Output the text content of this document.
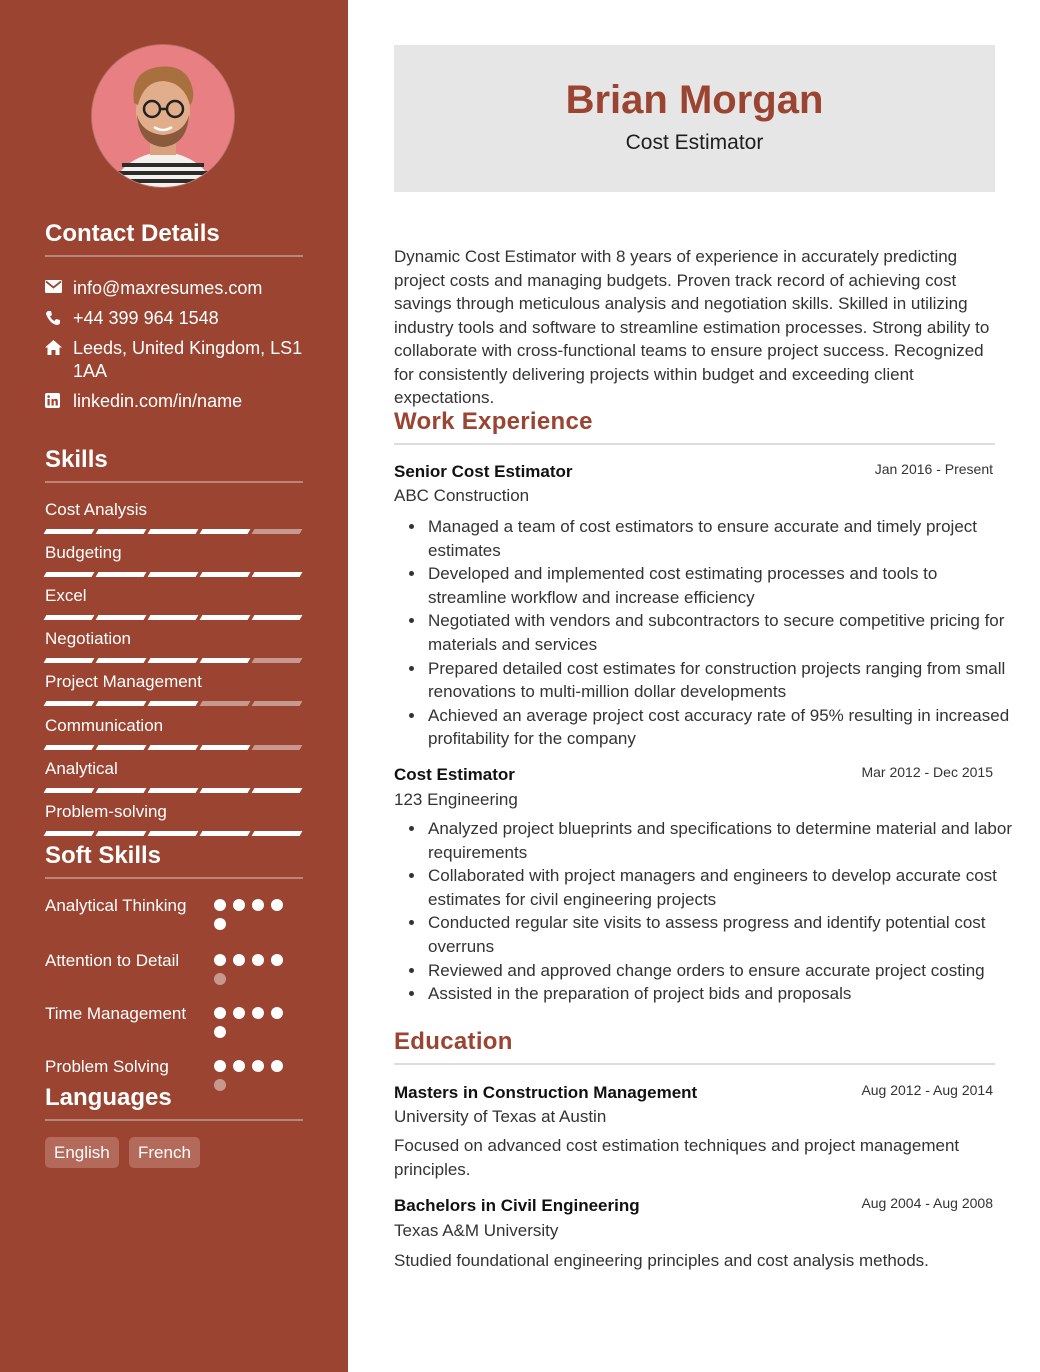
Contact Details
info@maxresumes.com
+44 399 964 1548
Leeds, United Kingdom, LS1 1AA
linkedin.com/in/name
Skills
Cost Analysis
Budgeting
Excel
Negotiation
Project Management
Communication
Analytical
Problem-solving
Soft Skills
Analytical Thinking
Attention to Detail
Time Management
Problem Solving
Languages
English	French
Brian Morgan
Cost Estimator
Dynamic Cost Estimator with 8 years of experience in accurately predicting project costs and managing budgets. Proven track record of achieving cost savings through meticulous analysis and negotiation skills. Skilled in utilizing industry tools and software to streamline estimation processes. Strong ability to collaborate with cross-functional teams to ensure project success. Recognized for consistently delivering projects within budget and exceeding client expectations.
Work Experience
Senior Cost Estimator	Jan 2016 - Present
ABC Construction
• Managed a team of cost estimators to ensure accurate and timely project estimates
• Developed and implemented cost estimating processes and tools to streamline workflow and increase efficiency
• Negotiated with vendors and subcontractors to secure competitive pricing for materials and services
• Prepared detailed cost estimates for construction projects ranging from small renovations to multi-million dollar developments
• Achieved an average project cost accuracy rate of 95% resulting in increased profitability for the company
Cost Estimator	Mar 2012 - Dec 2015
123 Engineering
• Analyzed project blueprints and specifications to determine material and labor requirements
• Collaborated with project managers and engineers to develop accurate cost estimates for civil engineering projects
• Conducted regular site visits to assess progress and identify potential cost overruns
• Reviewed and approved change orders to ensure accurate project costing
• Assisted in the preparation of project bids and proposals
Education
Masters in Construction Management	Aug 2012 - Aug 2014
University of Texas at Austin
Focused on advanced cost estimation techniques and project management principles.
Bachelors in Civil Engineering	Aug 2004 - Aug 2008
Texas A&M University
Studied foundational engineering principles and cost analysis methods.
